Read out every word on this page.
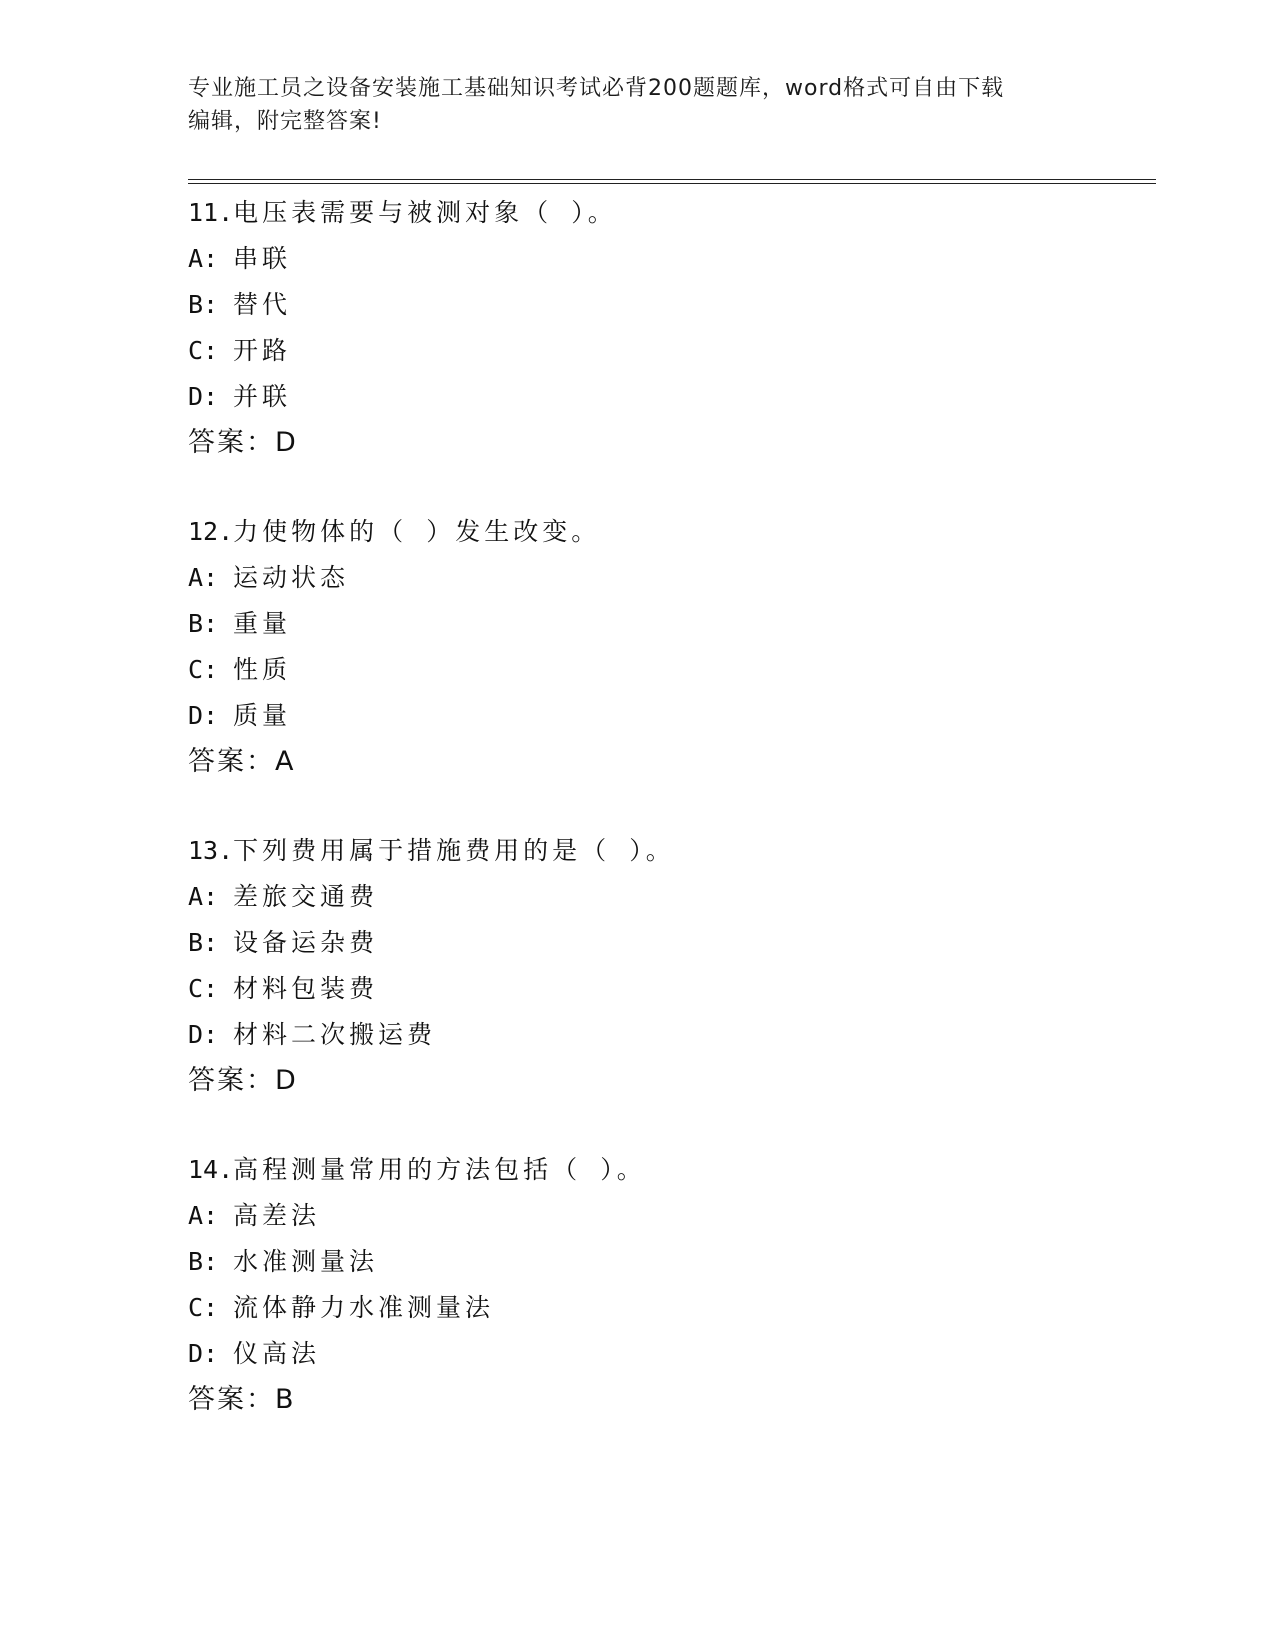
专业施工员之设备安装施工基础知识考试必背200题题库，word格式可自由下载
编辑，附完整答案!
11.电压表需要与被测对象（ ）。
A: 串联
B: 替代
C: 开路
D: 并联
答案：D
12.力使物体的（ ）发生改变。
A: 运动状态
B: 重量
C: 性质
D: 质量
答案：A
13.下列费用属于措施费用的是（ ）。
A: 差旅交通费
B: 设备运杂费
C: 材料包装费
D: 材料二次搬运费
答案：D
14.高程测量常用的方法包括（ ）。
A: 高差法
B: 水准测量法
C: 流体静力水准测量法
D: 仪高法
答案：B
